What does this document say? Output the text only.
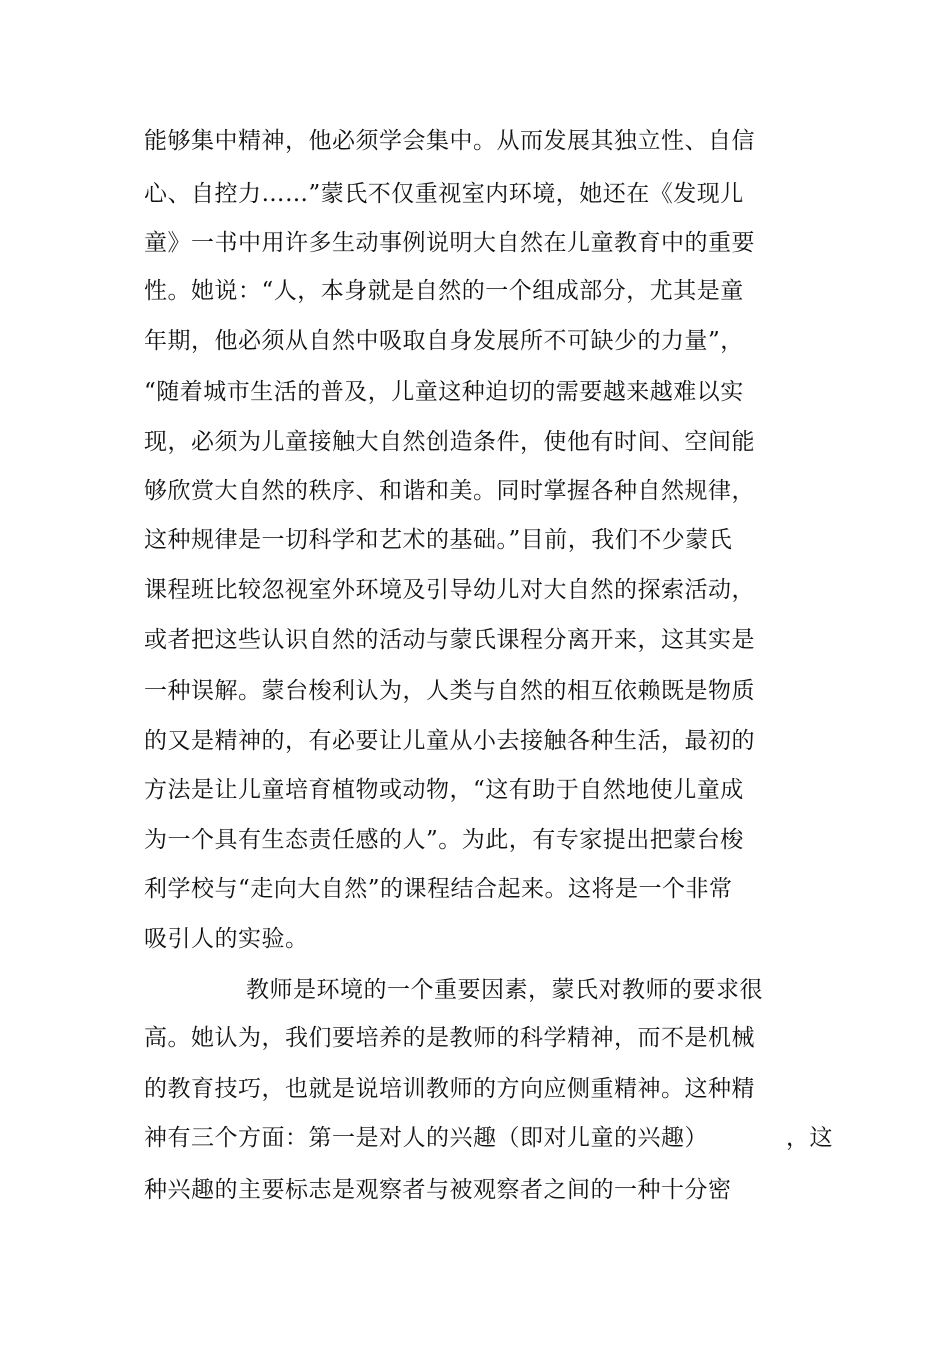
能够集中精神，他必须学会集中。从而发展其独立性、自信
心、自控力……”蒙氏不仅重视室内环境，她还在《发现儿
童》一书中用许多生动事例说明大自然在儿童教育中的重要
性。她说：“人，本身就是自然的一个组成部分，尤其是童
年期，他必须从自然中吸取自身发展所不可缺少的力量”，
“随着城市生活的普及，儿童这种迫切的需要越来越难以实
现，必须为儿童接触大自然创造条件，使他有时间、空间能
够欣赏大自然的秩序、和谐和美。同时掌握各种自然规律，
这种规律是一切科学和艺术的基础。”目前，我们不少蒙氏
课程班比较忽视室外环境及引导幼儿对大自然的探索活动，
或者把这些认识自然的活动与蒙氏课程分离开来，这其实是
一种误解。蒙台梭利认为，人类与自然的相互依赖既是物质
的又是精神的，有必要让儿童从小去接触各种生活，最初的
方法是让儿童培育植物或动物，“这有助于自然地使儿童成
为一个具有生态责任感的人”。为此，有专家提出把蒙台梭
利学校与“走向大自然”的课程结合起来。这将是一个非常
吸引人的实验。
教师是环境的一个重要因素，蒙氏对教师的要求很
高。她认为，我们要培养的是教师的科学精神，而不是机械
的教育技巧，也就是说培训教师的方向应侧重精神。这种精
神有三个方面：第一是对人的兴趣（即对儿童的兴趣）	，这
种兴趣的主要标志是观察者与被观察者之间的一种十分密
